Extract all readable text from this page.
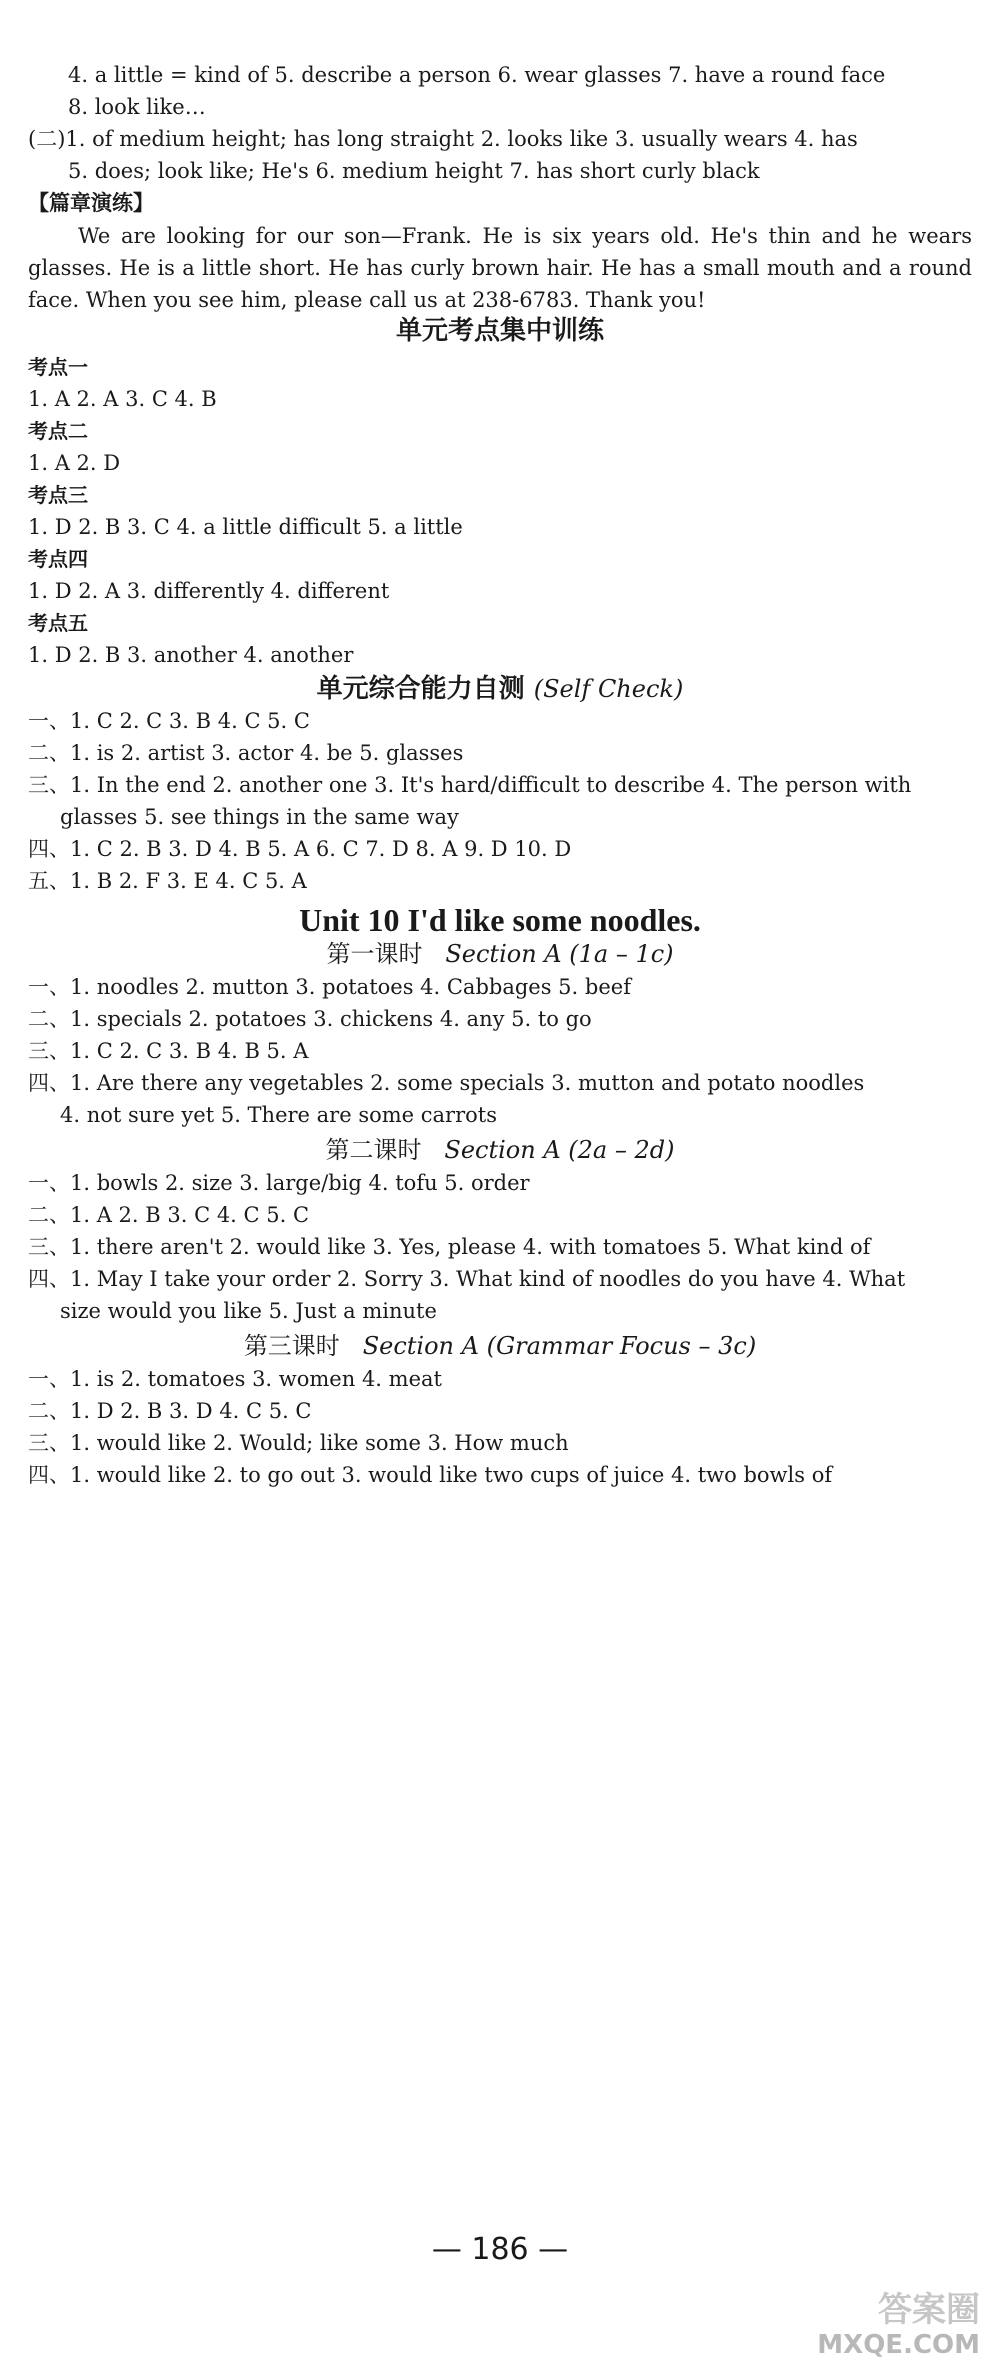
4. a little = kind of 5. describe a person 6. wear glasses 7. have a round face
8. look like…
(二)1. of medium height; has long straight 2. looks like 3. usually wears 4. has
5. does; look like; He's 6. medium height 7. has short curly black
【篇章演练】
We are looking for our son—Frank. He is six years old. He's thin and he wears glasses. He is a little short. He has curly brown hair. He has a small mouth and a round face. When you see him, please call us at 238-6783. Thank you!
单元考点集中训练
考点一
1. A 2. A 3. C 4. B
考点二
1. A 2. D
考点三
1. D 2. B 3. C 4. a little difficult 5. a little
考点四
1. D 2. A 3. differently 4. different
考点五
1. D 2. B 3. another 4. another
单元综合能力自测 (Self Check)
一、1. C 2. C 3. B 4. C 5. C
二、1. is 2. artist 3. actor 4. be 5. glasses
三、1. In the end 2. another one 3. It's hard/difficult to describe 4. The person with
glasses 5. see things in the same way
四、1. C 2. B 3. D 4. B 5. A 6. C 7. D 8. A 9. D 10. D
五、1. B 2. F 3. E 4. C 5. A
Unit 10 I'd like some noodles.
第一课时 Section A (1a – 1c)
一、1. noodles 2. mutton 3. potatoes 4. Cabbages 5. beef
二、1. specials 2. potatoes 3. chickens 4. any 5. to go
三、1. C 2. C 3. B 4. B 5. A
四、1. Are there any vegetables 2. some specials 3. mutton and potato noodles
4. not sure yet 5. There are some carrots
第二课时 Section A (2a – 2d)
一、1. bowls 2. size 3. large/big 4. tofu 5. order
二、1. A 2. B 3. C 4. C 5. C
三、1. there aren't 2. would like 3. Yes, please 4. with tomatoes 5. What kind of
四、1. May I take your order 2. Sorry 3. What kind of noodles do you have 4. What
size would you like 5. Just a minute
第三课时 Section A (Grammar Focus – 3c)
一、1. is 2. tomatoes 3. women 4. meat
二、1. D 2. B 3. D 4. C 5. C
三、1. would like 2. Would; like some 3. How much
四、1. would like 2. to go out 3. would like two cups of juice 4. two bowls of
— 186 —
答案圈
MXQE.COM
